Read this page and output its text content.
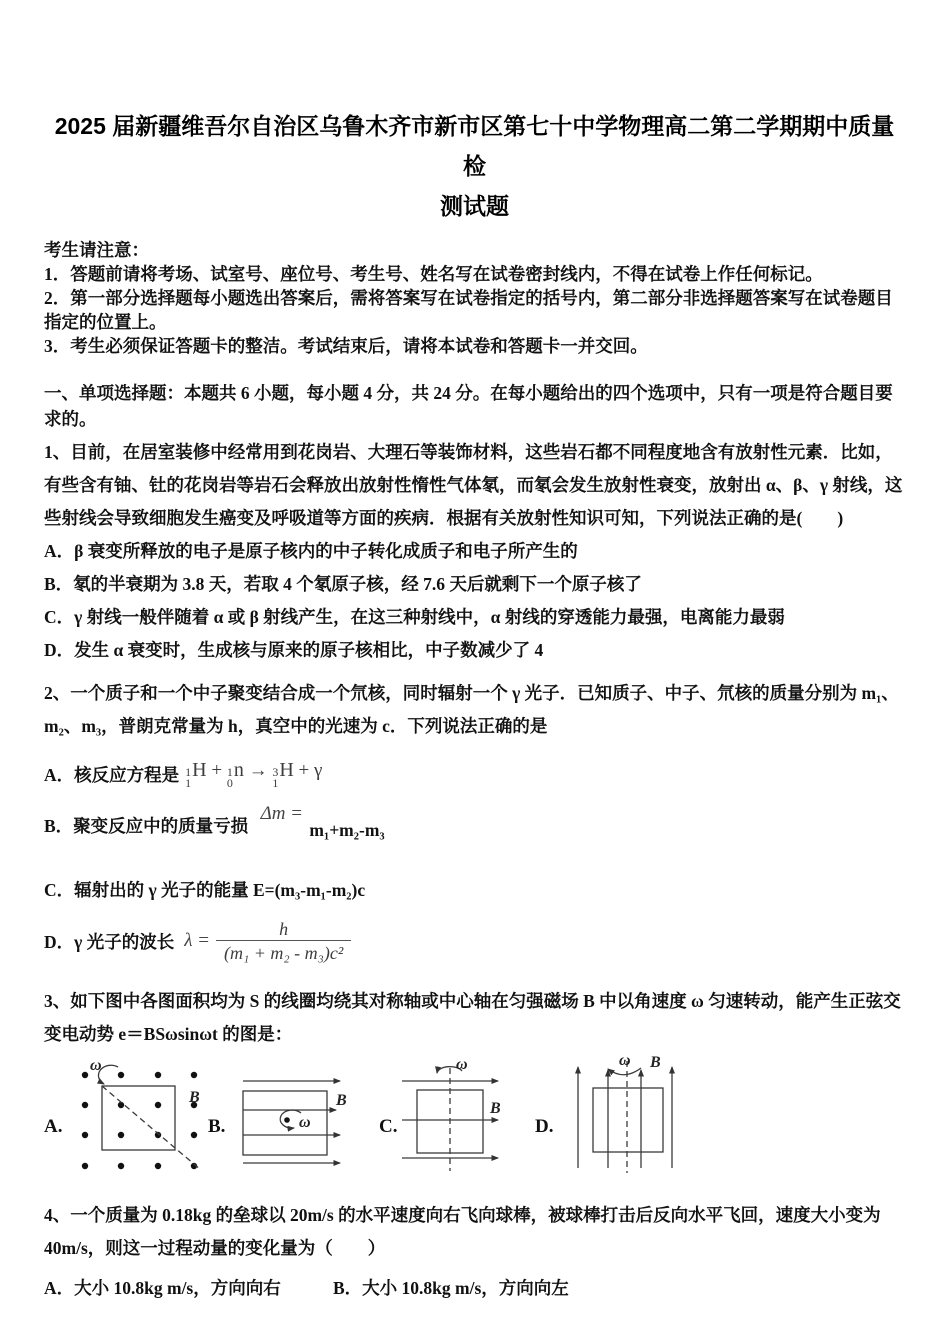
2025 届新疆维吾尔自治区乌鲁木齐市新市区第七十中学物理高二第二学期期中质量检
测试题
考生请注意：
1．答题前请将考场、试室号、座位号、考生号、姓名写在试卷密封线内，不得在试卷上作任何标记。
2．第一部分选择题每小题选出答案后，需将答案写在试卷指定的括号内，第二部分非选择题答案写在试卷题目指定的位置上。
3．考生必须保证答题卡的整洁。考试结束后，请将本试卷和答题卡一并交回。
一、单项选择题：本题共 6 小题，每小题 4 分，共 24 分。在每小题给出的四个选项中，只有一项是符合题目要求的。
1、目前，在居室装修中经常用到花岗岩、大理石等装饰材料，这些岩石都不同程度地含有放射性元素．比如，有些含有铀、钍的花岗岩等岩石会释放出放射性惰性气体氡，而氡会发生放射性衰变，放射出 α、β、γ 射线，这些射线会导致细胞发生癌变及呼吸道等方面的疾病．根据有关放射性知识可知，下列说法正确的是(　　)
A．β 衰变所释放的电子是原子核内的中子转化成质子和电子所产生的
B．氡的半衰期为 3.8 天，若取 4 个氡原子核，经 7.6 天后就剩下一个原子核了
C．γ 射线一般伴随着 α 或 β 射线产生，在这三种射线中，α 射线的穿透能力最强，电离能力最弱
D．发生 α 衰变时，生成核与原来的原子核相比，中子数减少了 4
2、一个质子和一个中子聚变结合成一个氘核，同时辐射一个 γ 光子．已知质子、中子、氘核的质量分别为 m₁、m₂、m₃，普朗克常量为 h，真空中的光速为 c．下列说法正确的是
A． 核反应方程是 1
1
H + 1
0
n → 3
1
H + γ
B．聚变反应中的质量亏损 Δm = m₁+m₂-m₃
C．辐射出的 γ 光子的能量 E=(m₃-m₁-m₂)c
D． γ 光子的波长 $\lambda = \frac{h}{\text{(m₁ + m₂ - m₃)c²}}$
3、如下图中各图面积均为 S 的线圈均绕其对称轴或中心轴在匀强磁场 B 中以角速度 ω 匀速转动，能产生正弦交变电动势 e＝BSωsinωt 的图是：
ω
B
A.	ω
B
B.
ω
B
C.
ω B
D.
4、一个质量为 0.18kg 的垒球以 20m/s 的水平速度向右飞向球棒，被球棒打击后反向水平飞回，速度大小变为 40m/s，则这一过程动量的变化量为（　　）
A．大小 10.8kg m/s，方向向右	B．大小 10.8kg m/s，方向向左
